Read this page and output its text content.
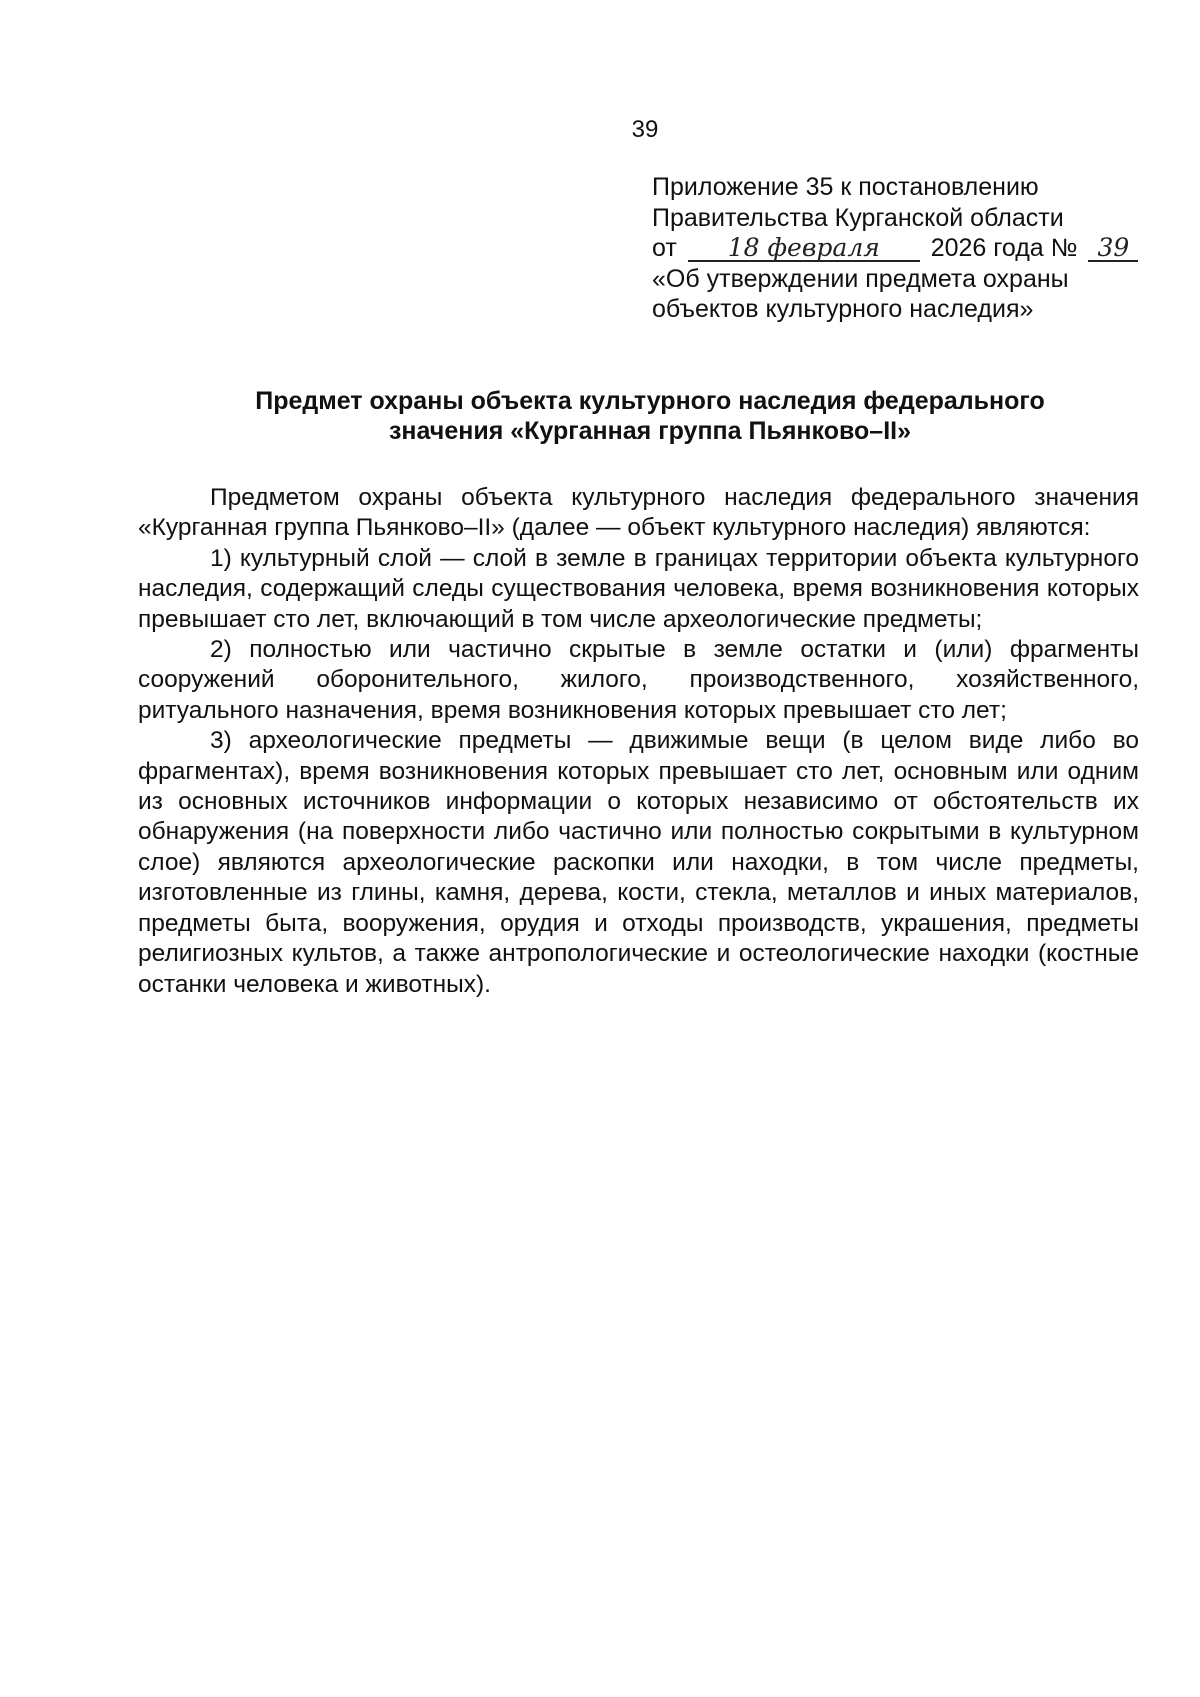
39
Приложение 35 к постановлению
Правительства Курганской области
от 18 февраля 2026 года № 39
«Об утверждении предмета охраны
объектов культурного наследия»
Предмет охраны объекта культурного наследия федерального
значения «Курганная группа Пьянково–II»

Предметом охраны объекта культурного наследия федерального значения «Курганная группа Пьянково–II» (далее — объект культурного наследия) являются:

1) культурный слой — слой в земле в границах территории объекта культурного наследия, содержащий следы существования человека, время возникновения которых превышает сто лет, включающий в том числе археологические предметы;

2) полностью или частично скрытые в земле остатки и (или) фрагменты сооружений оборонительного, жилого, производственного, хозяйственного, ритуального назначения, время возникновения которых превышает сто лет;

3) археологические предметы — движимые вещи (в целом виде либо во фрагментах), время возникновения которых превышает сто лет, основным или одним из основных источников информации о которых независимо от обстоятельств их обнаружения (на поверхности либо частично или полностью сокрытыми в культурном слое) являются археологические раскопки или находки, в том числе предметы, изготовленные из глины, камня, дерева, кости, стекла, металлов и иных материалов, предметы быта, вооружения, орудия и отходы производств, украшения, предметы религиозных культов, а также антропологические и остеологические находки (костные останки человека и животных).
